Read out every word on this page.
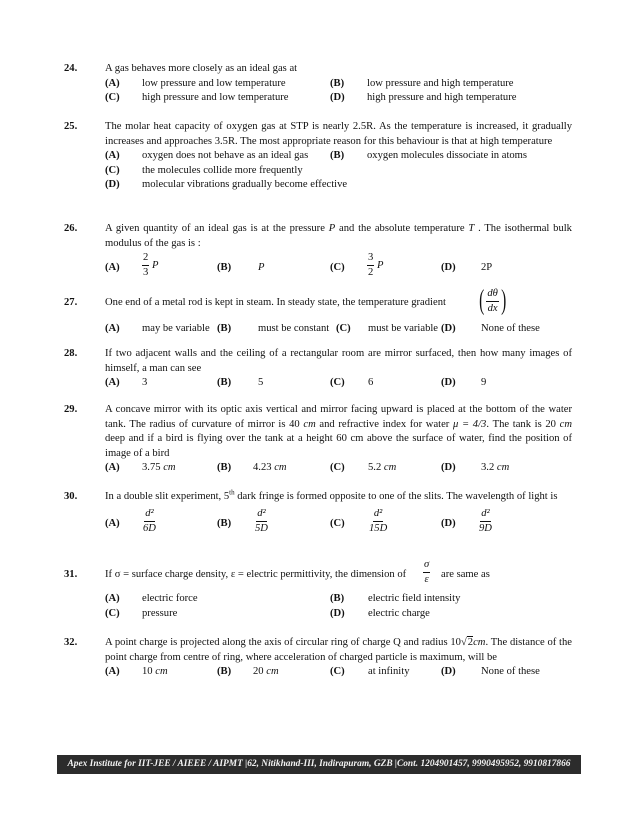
24.	A gas behaves more closely as an ideal gas at
(A) low pressure and low temperature	(B) low pressure and high temperature
(C) high pressure and low temperature	(D) high pressure and high temperature
25.	The molar heat capacity of oxygen gas at STP is nearly 2.5R. As the temperature is increased, it gradually increases and approaches 3.5R. The most appropriate reason for this behaviour is that at high temperature
(A) oxygen does not behave as an ideal gas (B) oxygen molecules dissociate in atoms
(C) the molecules collide more frequently
(D) molecular vibrations gradually become effective
26.	A given quantity of an ideal gas is at the pressure P and the absolute temperature T . The isothermal bulk modulus of the gas is :
$(A) \frac{2}{3}$ P	(B)	P	$(C) \frac{3}{2}$ P	(D) 2P
27.	One end of a metal rod is kept in steam. In steady state, the temperature gradient ( $\frac{d\theta}{dx}$ )
(A) may be variable (B)	must be constant (C) must be variable (D) None of these
28.	If two adjacent walls and the ceiling of a rectangular room are mirror surfaced, then how many images of himself, a man can see
(A) 3	(B)	5	(C) 6	(D) 9
29.	A concave mirror with its optic axis vertical and mirror facing upward is placed at the bottom of the water tank. The radius of curvature of mirror is 40 cm and refractive index for water μ = 4/3. The tank is 20 cm deep and if a bird is flying over the tank at a height 60 cm above the surface of water, find the position of image of a bird
(A) 3.75 cm	(B) 4.23 cm	(C) 5.2 cm	(D) 3.2 cm
30.	In a double slit experiment, 5th dark fringe is formed opposite to one of the slits. The wavelength of light is
$(A) \frac{\text{d²}}{6D}$	$(B) \frac{\text{d²}}{5D}$	$(C) \frac{\text{d²}}{15D}$	$(D) \frac{\text{d²}}{9D}$
31.	If σ = surface charge density, ε = electric permittivity, the dimension of $\frac{\sigma}{\varepsilon}$ are same as
(A) electric force	(B) electric field intensity
(C) pressure	(D) electric charge
32.	A point charge is projected along the axis of circular ring of charge Q and radius 10√2cm. The distance of the point charge from centre of ring, where acceleration of charged particle is maximum, will be
(A) 10 cm	(B) 20 cm	(C) at infinity	(D) None of these
Apex Institute for IIT-JEE / AIEEE / AIPMT |62, Nitikhand-III, Indirapuram, GZB |Cont. 1204901457, 9990495952, 9910817866
